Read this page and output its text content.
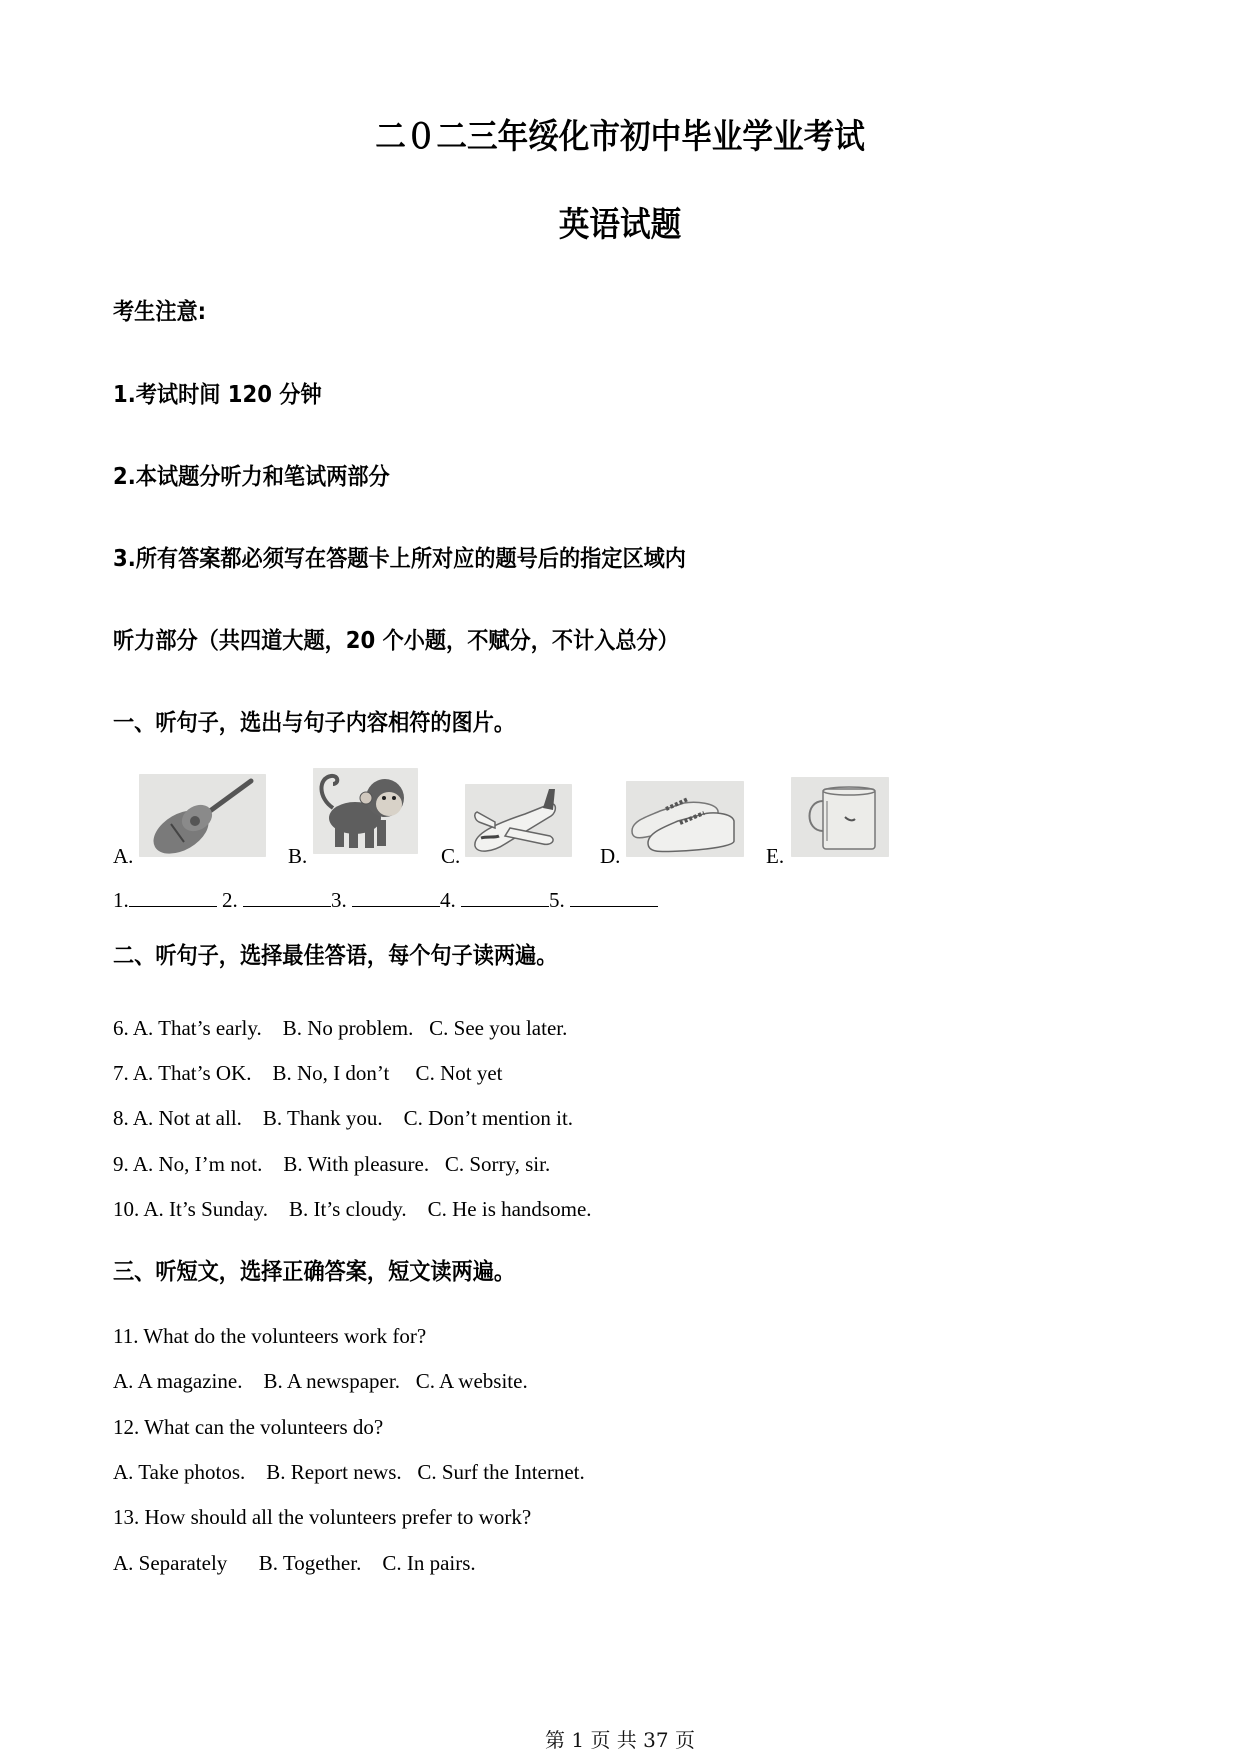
二０二三年绥化市初中毕业学业考试
英语试题
考生注意:
1.考试时间 120 分钟
2.本试题分听力和笔试两部分
3.所有答案都必须写在答题卡上所对应的题号后的指定区域内
听力部分（共四道大题，20 个小题，不赋分，不计入总分）
一、听句子，选出与句子内容相符的图片。
A.	B.	C.	D.	E.
1.	2.	3.	4.	5.
二、听句子，选择最佳答语，每个句子读两遍。
6. A. That’s early.    B. No problem.   C. See you later.
7. A. That’s OK.    B. No, I don’t     C. Not yet
8. A. Not at all.    B. Thank you.    C. Don’t mention it.
9. A. No, I’m not.    B. With pleasure.   C. Sorry, sir.
10. A. It’s Sunday.    B. It’s cloudy.    C. He is handsome.
三、听短文，选择正确答案，短文读两遍。
11. What do the volunteers work for?
A. A magazine.    B. A newspaper.   C. A website.
12. What can the volunteers do?
A. Take photos.    B. Report news.   C. Surf the Internet.
13. How should all the volunteers prefer to work?
A. Separately      B. Together.    C. In pairs.
第 1 页 共 37 页
